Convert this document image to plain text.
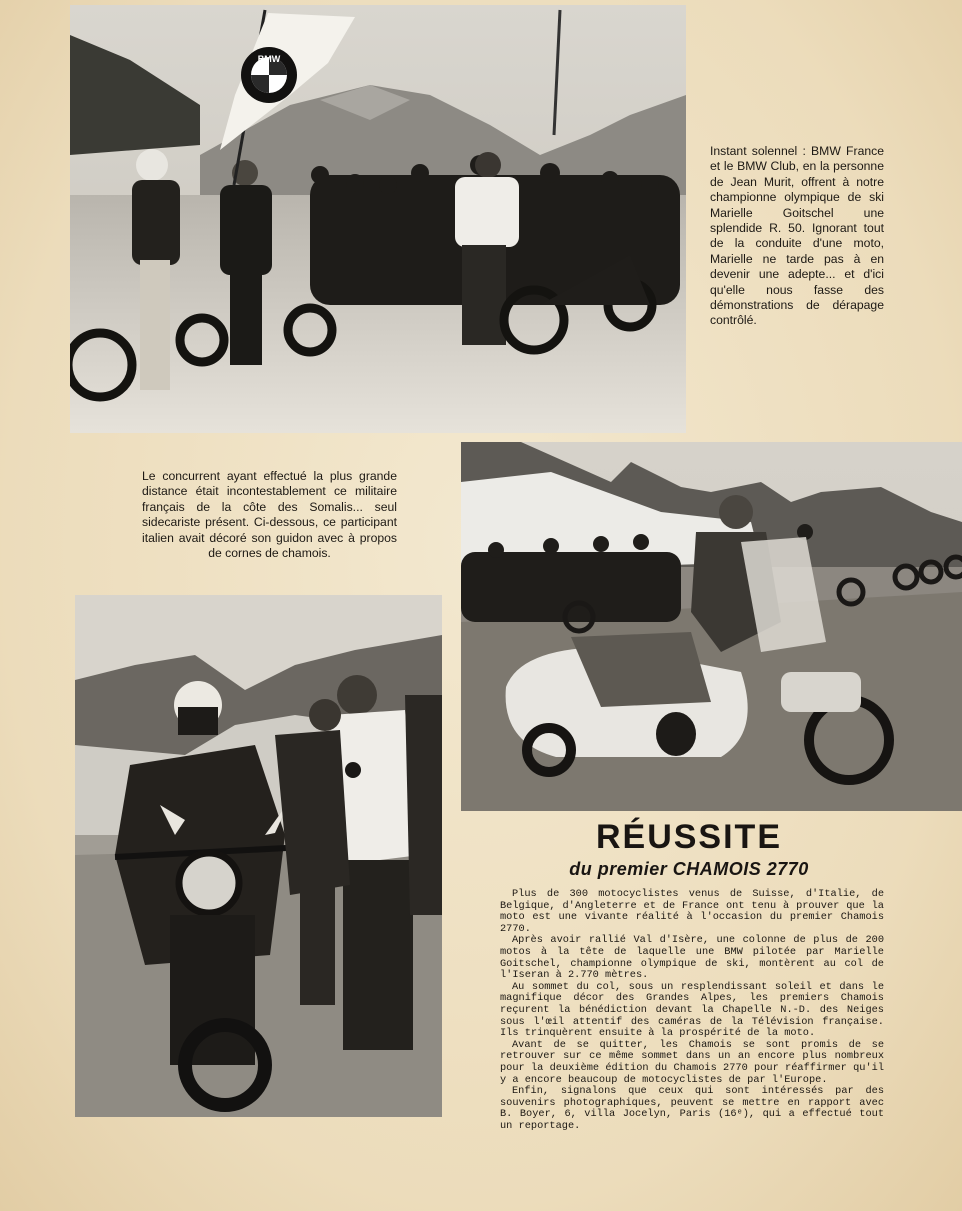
BMW

Instant solennel : BMW France et le BMW Club, en la personne de Jean Murit, offrent à notre championne olympique de ski Marielle Goitschel une splendide R. 50. Ignorant tout de la conduite d'une moto, Marielle ne tarde pas à en devenir une adepte... et d'ici qu'elle nous fasse des démonstrations de dérapage contrôlé.

Le concurrent ayant effectué la plus grande distance était incontestablement ce militaire français de la côte des Somalis... seul sidecariste présent. Ci-dessous, ce participant italien avait décoré son guidon avec à propos de cornes de chamois.

RÉUSSITE
du premier CHAMOIS 2770

Plus de 300 motocyclistes venus de Suisse, d'Italie, de Belgique, d'Angleterre et de France ont tenu à prouver que la moto est une vivante réalité à l'occasion du premier Chamois 2770.

Après avoir rallié Val d'Isère, une colonne de plus de 200 motos à la tête de laquelle une BMW pilotée par Marielle Goitschel, championne olympique de ski, montèrent au col de l'Iseran à 2.770 mètres.

Au sommet du col, sous un resplendissant soleil et dans le magnifique décor des Grandes Alpes, les premiers Chamois reçurent la bénédiction devant la Chapelle N.-D. des Neiges sous l'œil attentif des caméras de la Télévision française. Ils trinquèrent ensuite à la prospérité de la moto.

Avant de se quitter, les Chamois se sont promis de se retrouver sur ce même sommet dans un an encore plus nombreux pour la deuxième édition du Chamois 2770 pour réaffirmer qu'il y a encore beaucoup de motocyclistes de par l'Europe.

Enfin, signalons que ceux qui sont intéressés par des souvenirs photographiques, peuvent se mettre en rapport avec B. Boyer, 6, villa Jocelyn, Paris (16ᵉ), qui a effectué tout un reportage.
